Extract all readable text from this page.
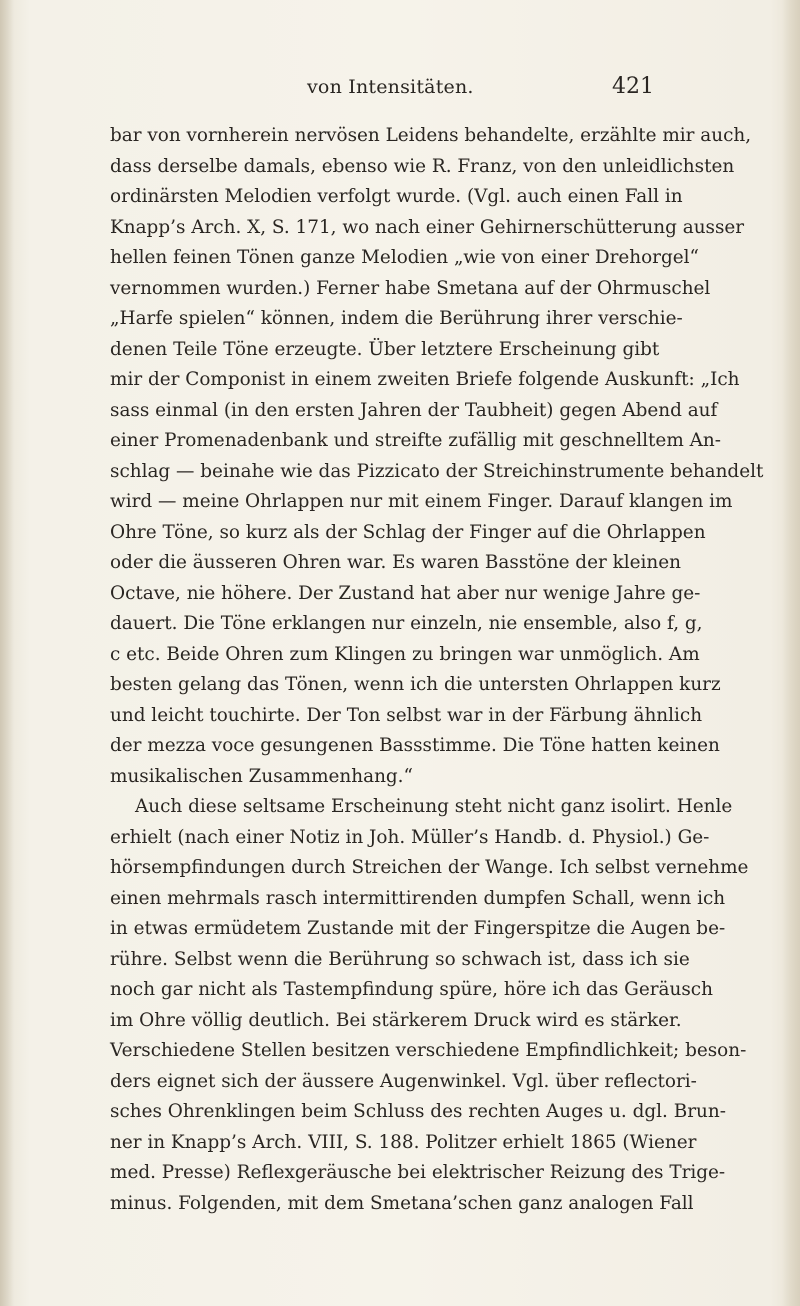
von Intensitäten.	421
bar von vornherein nervösen Leidens behandelte, erzählte mir auch,
dass derselbe damals, ebenso wie R. Franz, von den unleidlichsten
ordinärsten Melodien verfolgt wurde. (Vgl. auch einen Fall in
Knapp’s Arch. X, S. 171, wo nach einer Gehirnerschütterung ausser
hellen feinen Tönen ganze Melodien „wie von einer Drehorgel“
vernommen wurden.) Ferner habe Smetana auf der Ohrmuschel
„Harfe spielen“ können, indem die Berührung ihrer verschie-
denen Teile Töne erzeugte. Über letztere Erscheinung gibt
mir der Componist in einem zweiten Briefe folgende Auskunft: „Ich
sass einmal (in den ersten Jahren der Taubheit) gegen Abend auf
einer Promenadenbank und streifte zufällig mit geschnelltem An-
schlag — beinahe wie das Pizzicato der Streichinstrumente behandelt
wird — meine Ohrlappen nur mit einem Finger. Darauf klangen im
Ohre Töne, so kurz als der Schlag der Finger auf die Ohrlappen
oder die äusseren Ohren war. Es waren Basstöne der kleinen
Octave, nie höhere. Der Zustand hat aber nur wenige Jahre ge-
dauert. Die Töne erklangen nur einzeln, nie ensemble, also f, g,
c etc. Beide Ohren zum Klingen zu bringen war unmöglich. Am
besten gelang das Tönen, wenn ich die untersten Ohrlappen kurz
und leicht touchirte. Der Ton selbst war in der Färbung ähnlich
der mezza voce gesungenen Bassstimme. Die Töne hatten keinen
musikalischen Zusammenhang.“
Auch diese seltsame Erscheinung steht nicht ganz isolirt. Henle
erhielt (nach einer Notiz in Joh. Müller’s Handb. d. Physiol.) Ge-
hörsempfindungen durch Streichen der Wange. Ich selbst vernehme
einen mehrmals rasch intermittirenden dumpfen Schall, wenn ich
in etwas ermüdetem Zustande mit der Fingerspitze die Augen be-
rühre. Selbst wenn die Berührung so schwach ist, dass ich sie
noch gar nicht als Tastempfindung spüre, höre ich das Geräusch
im Ohre völlig deutlich. Bei stärkerem Druck wird es stärker.
Verschiedene Stellen besitzen verschiedene Empfindlichkeit; beson-
ders eignet sich der äussere Augenwinkel. Vgl. über reflectori-
sches Ohrenklingen beim Schluss des rechten Auges u. dgl. Brun-
ner in Knapp’s Arch. VIII, S. 188. Politzer erhielt 1865 (Wiener
med. Presse) Reflexgeräusche bei elektrischer Reizung des Trige-
minus. Folgenden, mit dem Smetana’schen ganz analogen Fall
